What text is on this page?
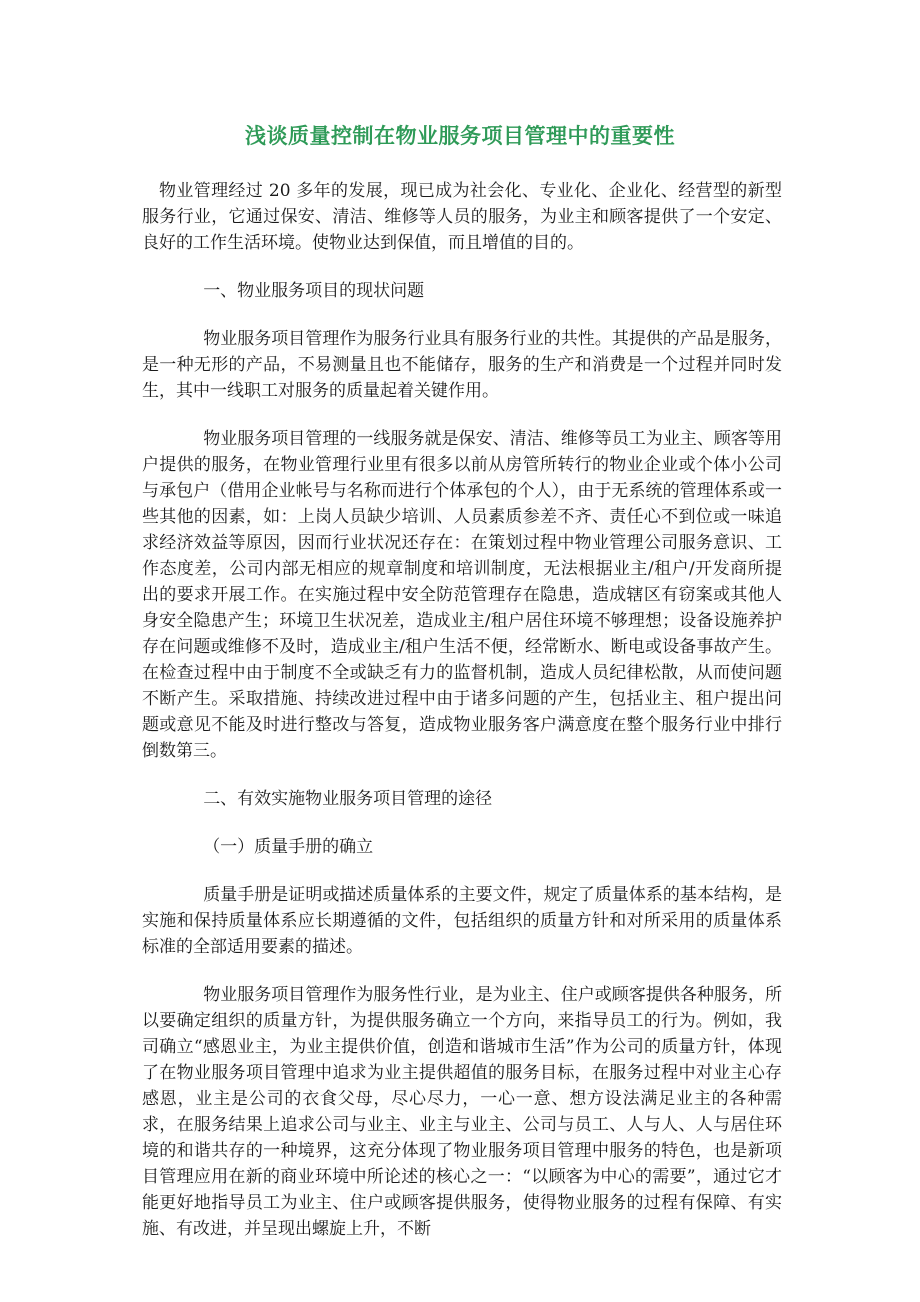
浅谈质量控制在物业服务项目管理中的重要性

物业管理经过 20 多年的发展，现已成为社会化、专业化、企业化、经营型的新型服务行业，它通过保安、清洁、维修等人员的服务，为业主和顾客提供了一个安定、良好的工作生活环境。使物业达到保值，而且增值的目的。

一、物业服务项目的现状问题

物业服务项目管理作为服务行业具有服务行业的共性。其提供的产品是服务，是一种无形的产品，不易测量且也不能储存，服务的生产和消费是一个过程并同时发生，其中一线职工对服务的质量起着关键作用。

物业服务项目管理的一线服务就是保安、清洁、维修等员工为业主、顾客等用户提供的服务，在物业管理行业里有很多以前从房管所转行的物业企业或个体小公司与承包户（借用企业帐号与名称而进行个体承包的个人），由于无系统的管理体系或一些其他的因素，如：上岗人员缺少培训、人员素质参差不齐、责任心不到位或一味追求经济效益等原因，因而行业状况还存在：在策划过程中物业管理公司服务意识、工作态度差，公司内部无相应的规章制度和培训制度，无法根据业主/租户/开发商所提出的要求开展工作。在实施过程中安全防范管理存在隐患，造成辖区有窃案或其他人身安全隐患产生；环境卫生状况差，造成业主/租户居住环境不够理想；设备设施养护存在问题或维修不及时，造成业主/租户生活不便，经常断水、断电或设备事故产生。在检查过程中由于制度不全或缺乏有力的监督机制，造成人员纪律松散，从而使问题不断产生。采取措施、持续改进过程中由于诸多问题的产生，包括业主、租户提出问题或意见不能及时进行整改与答复，造成物业服务客户满意度在整个服务行业中排行倒数第三。

二、有效实施物业服务项目管理的途径

（一）质量手册的确立

质量手册是证明或描述质量体系的主要文件，规定了质量体系的基本结构，是实施和保持质量体系应长期遵循的文件，包括组织的质量方针和对所采用的质量体系标准的全部适用要素的描述。

物业服务项目管理作为服务性行业，是为业主、住户或顾客提供各种服务，所以要确定组织的质量方针，为提供服务确立一个方向，来指导员工的行为。例如，我司确立“感恩业主，为业主提供价值，创造和谐城市生活”作为公司的质量方针，体现了在物业服务项目管理中追求为业主提供超值的服务目标，在服务过程中对业主心存感恩，业主是公司的衣食父母，尽心尽力，一心一意、想方设法满足业主的各种需求，在服务结果上追求公司与业主、业主与业主、公司与员工、人与人、人与居住环境的和谐共存的一种境界，这充分体现了物业服务项目管理中服务的特色，也是新项目管理应用在新的商业环境中所论述的核心之一：“以顾客为中心的需要”，通过它才能更好地指导员工为业主、住户或顾客提供服务，使得物业服务的过程有保障、有实施、有改进，并呈现出螺旋上升，不断
